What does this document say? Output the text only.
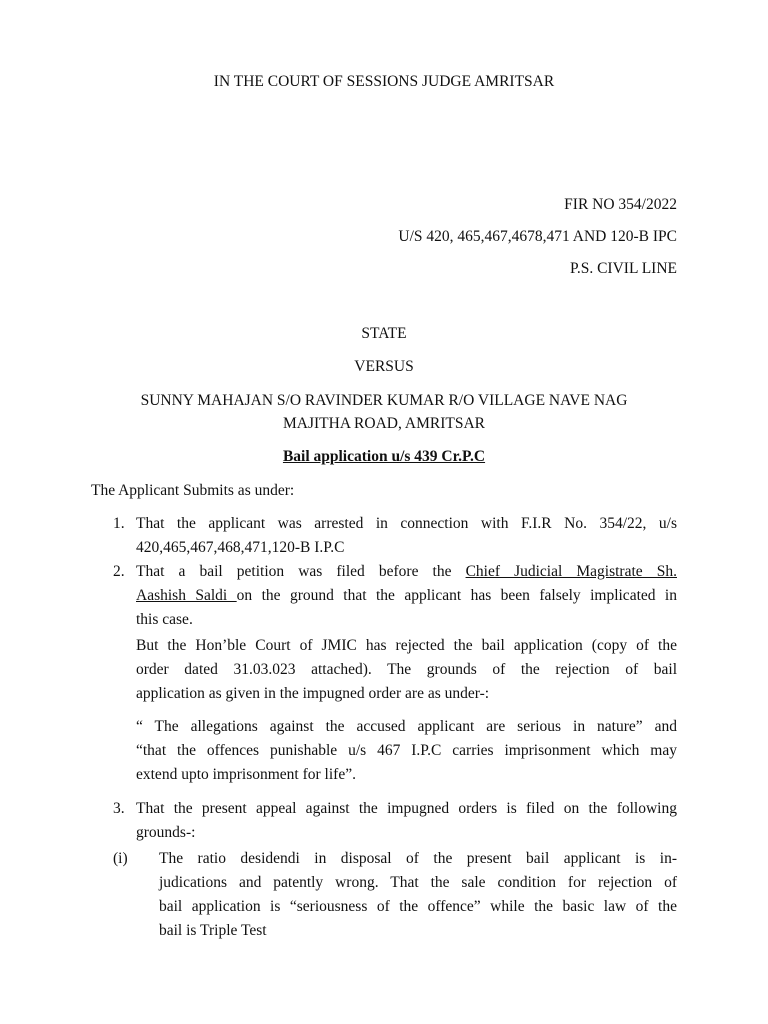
IN THE COURT OF SESSIONS JUDGE AMRITSAR
FIR NO 354/2022
U/S 420, 465,467,4678,471 AND 120-B IPC
P.S. CIVIL LINE
STATE
VERSUS
SUNNY MAHAJAN S/O RAVINDER KUMAR R/O VILLAGE NAVE NAG
MAJITHA ROAD, AMRITSAR
Bail application u/s 439 Cr.P.C
The Applicant Submits as under:
1. That the applicant was arrested in connection with F.I.R No. 354/22, u/s
420,465,467,468,471,120-B I.P.C
2. That a bail petition was filed before the Chief Judicial Magistrate Sh.
Aashish Saldi on the ground that the applicant has been falsely implicated in
this case.
But the Hon’ble Court of JMIC has rejected the bail application (copy of the
order dated 31.03.023 attached). The grounds of the rejection of bail
application as given in the impugned order are as under-:
“ The allegations against the accused applicant are serious in nature” and
“that the offences punishable u/s 467 I.P.C carries imprisonment which may
extend upto imprisonment for life”.
3. That the present appeal against the impugned orders is filed on the following
grounds-:
(i) The ratio desidendi in disposal of the present bail applicant is in-
judications and patently wrong. That the sale condition for rejection of
bail application is “seriousness of the offence” while the basic law of the
bail is Triple Test
